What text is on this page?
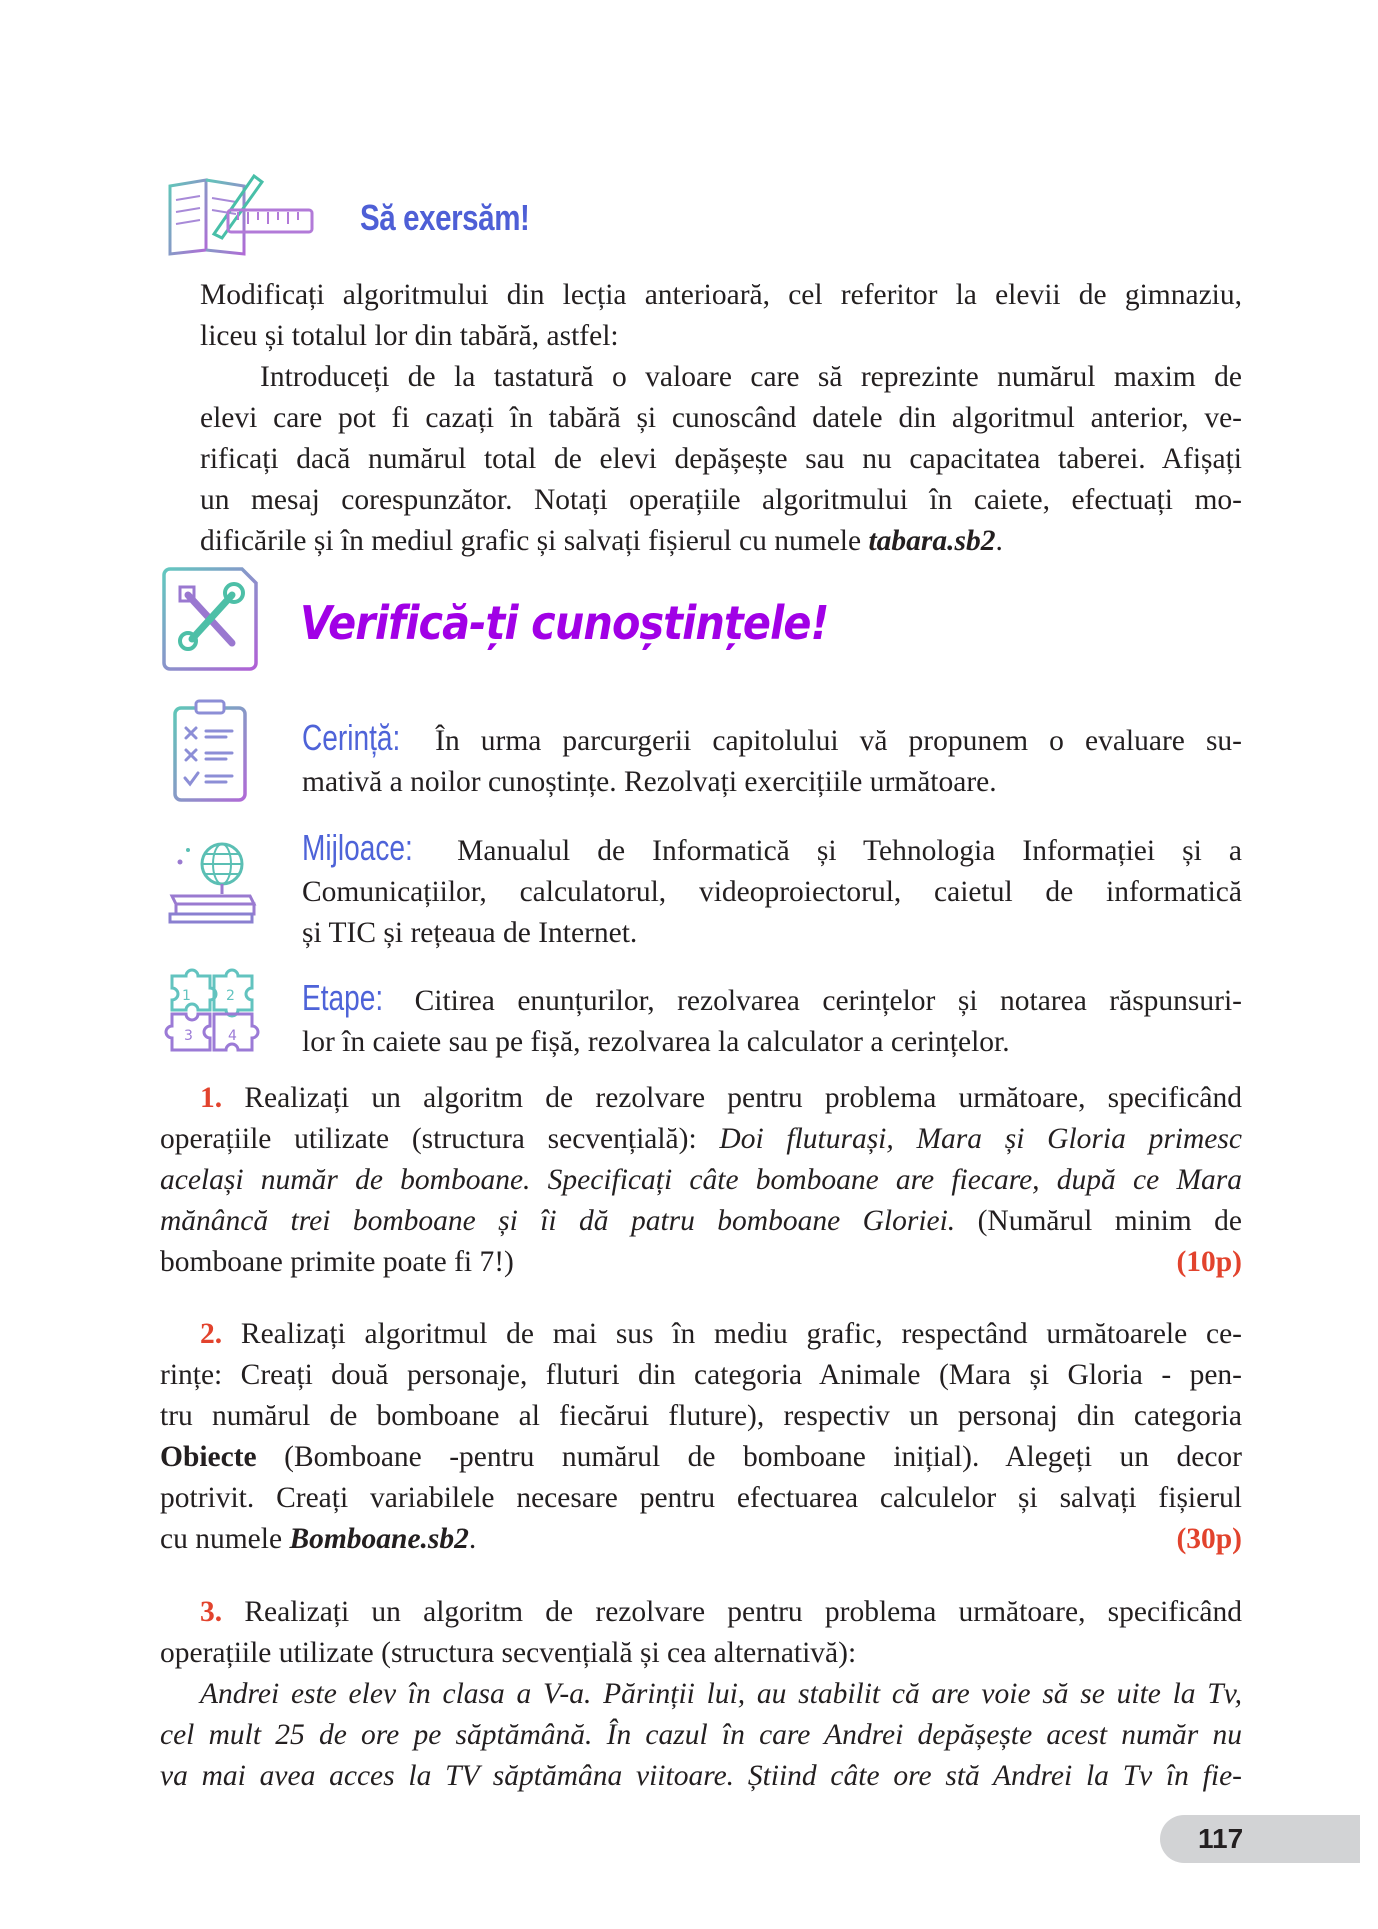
Să exersăm!
Modificați algoritmului din lecția anterioară, cel referitor la elevii de gimnaziu,
liceu și totalul lor din tabără, astfel:
Introduceți de la tastatură o valoare care să reprezinte numărul maxim de
elevi care pot fi cazați în tabără și cunoscând datele din algoritmul anterior, ve-
rificați dacă numărul total de elevi depășește sau nu capacitatea taberei. Afișați
un mesaj corespunzător. Notați operațiile algoritmului în caiete, efectuați mo-
dificările și în mediul grafic și salvați fișierul cu numele tabara.sb2.
Verifică-ți cunoștințele!
Cerință: În urma parcurgerii capitolului vă propunem o evaluare su-
mativă a noilor cunoștințe. Rezolvați exercițiile următoare.
Mijloace: Manualul de Informatică și Tehnologia Informației și a
Comunicațiilor, calculatorul, videoproiectorul, caietul de informatică
și TIC și rețeaua de Internet.
1	2
3	4
Etape: Citirea enunțurilor, rezolvarea cerințelor și notarea răspunsuri-
lor în caiete sau pe fișă, rezolvarea la calculator a cerințelor.
1. Realizați un algoritm de rezolvare pentru problema următoare, specificând
operațiile utilizate (structura secvențială): Doi fluturași, Mara și Gloria primesc
același număr de bomboane. Specificați câte bomboane are fiecare, după ce Mara
mănâncă trei bomboane și îi dă patru bomboane Gloriei. (Numărul minim de
bomboane primite poate fi 7!)	(10p)
2. Realizați algoritmul de mai sus în mediu grafic, respectând următoarele ce-
rințe: Creați două personaje, fluturi din categoria Animale (Mara și Gloria - pen-
tru numărul de bomboane al fiecărui fluture), respectiv un personaj din categoria
Obiecte (Bomboane -pentru numărul de bomboane inițial). Alegeți un decor
potrivit. Creați variabilele necesare pentru efectuarea calculelor și salvați fișierul
cu numele Bomboane.sb2.	(30p)
3. Realizați un algoritm de rezolvare pentru problema următoare, specificând
operațiile utilizate (structura secvențială și cea alternativă):
Andrei este elev în clasa a V-a. Părinții lui, au stabilit că are voie să se uite la Tv,
cel mult 25 de ore pe săptămână. În cazul în care Andrei depășește acest număr nu
va mai avea acces la TV săptămâna viitoare. Știind câte ore stă Andrei la Tv în fie-
117
